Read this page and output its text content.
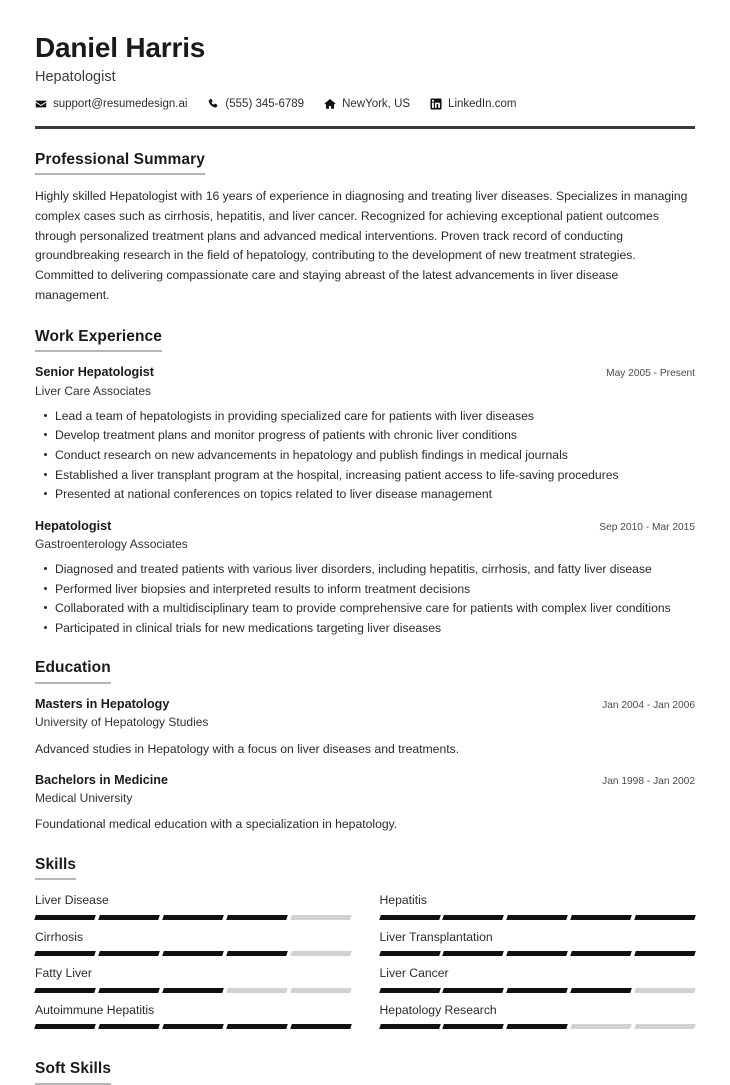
Daniel Harris
Hepatologist
support@resumedesign.ai	(555) 345-6789	NewYork, US	LinkedIn.com
Professional Summary
Highly skilled Hepatologist with 16 years of experience in diagnosing and treating liver diseases. Specializes in managing complex cases such as cirrhosis, hepatitis, and liver cancer. Recognized for achieving exceptional patient outcomes through personalized treatment plans and advanced medical interventions. Proven track record of conducting groundbreaking research in the field of hepatology, contributing to the development of new treatment strategies. Committed to delivering compassionate care and staying abreast of the latest advancements in liver disease management.
Work Experience
Senior Hepatologist	May 2005 - Present
Liver Care Associates
Lead a team of hepatologists in providing specialized care for patients with liver diseases
Develop treatment plans and monitor progress of patients with chronic liver conditions
Conduct research on new advancements in hepatology and publish findings in medical journals
Established a liver transplant program at the hospital, increasing patient access to life-saving procedures
Presented at national conferences on topics related to liver disease management
Hepatologist	Sep 2010 - Mar 2015
Gastroenterology Associates
Diagnosed and treated patients with various liver disorders, including hepatitis, cirrhosis, and fatty liver disease
Performed liver biopsies and interpreted results to inform treatment decisions
Collaborated with a multidisciplinary team to provide comprehensive care for patients with complex liver conditions
Participated in clinical trials for new medications targeting liver diseases
Education
Masters in Hepatology	Jan 2004 - Jan 2006
University of Hepatology Studies
Advanced studies in Hepatology with a focus on liver diseases and treatments.
Bachelors in Medicine	Jan 1998 - Jan 2002
Medical University
Foundational medical education with a specialization in hepatology.
Skills
Liver Disease	Hepatitis
Cirrhosis	Liver Transplantation
Fatty Liver	Liver Cancer
Autoimmune Hepatitis	Hepatology Research
Soft Skills
